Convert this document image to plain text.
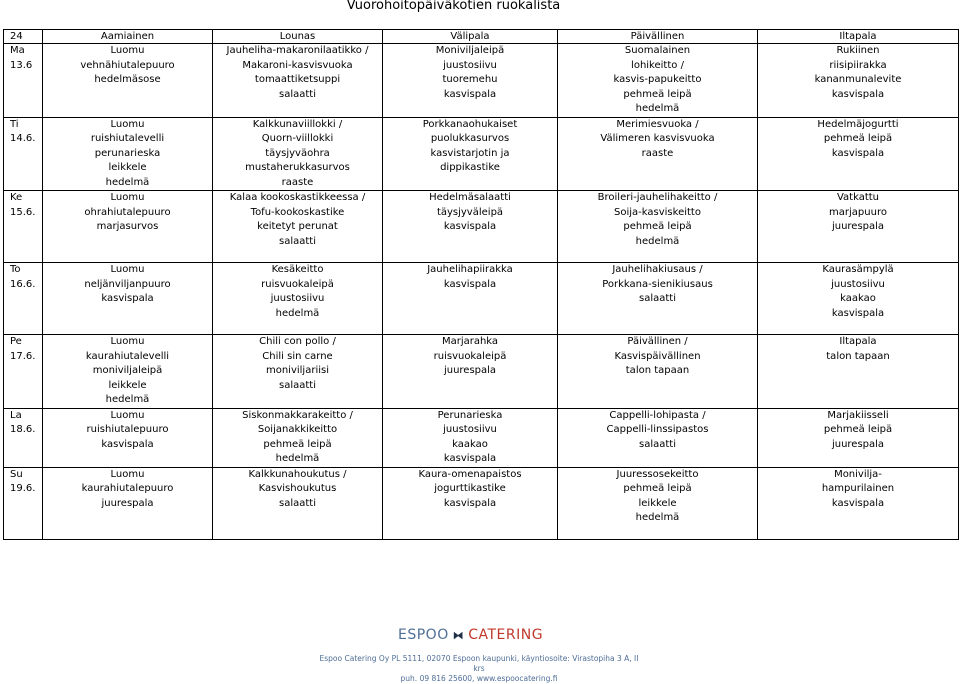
Vuorohoitopäiväkotien ruokalista
24	Aamiainen	Lounas	Välipala	Päivällinen	Iltapala

Ma
13.6	Luomu
vehnähiutalepuuro
hedelmäsose	Jauheliha-makaronilaatikko /
Makaroni-kasvisvuoka
tomaattiketsuppi
salaatti	Moniviljaleipä
juustosiivu
tuoremehu
kasvispala	Suomalainen
lohikeitto /
kasvis-papukeitto
pehmeä leipä
hedelmä	Rukiinen
riisipiirakka
kananmunalevite
kasvispala

Ti
14.6.	Luomu
ruishiutalevelli
perunarieska
leikkele
hedelmä	Kalkkunaviillokki /
Quorn-viillokki
täysjyväohra
mustaherukkasurvos
raaste	Porkkanaohukaiset
puolukkasurvos
kasvistarjotin ja
dippikastike	Merimiesvuoka /
Välimeren kasvisvuoka
raaste	Hedelmäjogurtti
pehmeä leipä
kasvispala

Ke
15.6.	Luomu
ohrahiutalepuuro
marjasurvos	Kalaa kookoskastikkeessa /
Tofu-kookoskastike
keitetyt perunat
salaatti	Hedelmäsalaatti
täysjyväleipä
kasvispala	Broileri-jauhelihakeitto /
Soija-kasviskeitto
pehmeä leipä
hedelmä	Vatkattu
marjapuuro
juurespala

To
16.6.	Luomu
neljänviljanpuuro
kasvispala	Kesäkeitto
ruisvuokaleipä
juustosiivu
hedelmä	Jauhelihapiirakka
kasvispala	Jauhelihakiusaus /
Porkkana-sienikiusaus
salaatti	Kaurasämpylä
juustosiivu
kaakao
kasvispala

Pe
17.6.	Luomu
kaurahiutalevelli
moniviljaleipä
leikkele
hedelmä	Chili con pollo /
Chili sin carne
moniviljariisi
salaatti	Marjarahka
ruisvuokaleipä
juurespala	Päivällinen /
Kasvispäivällinen
talon tapaan	Iltapala
talon tapaan

La
18.6.	Luomu
ruishiutalepuuro
kasvispala	Siskonmakkarakeitto /
Soijanakkikeitto
pehmeä leipä
hedelmä	Perunarieska
juustosiivu
kaakao
kasvispala	Cappelli-lohipasta /
Cappelli-linssipastos
salaatti	Marjakiisseli
pehmeä leipä
juurespala

Su
19.6.	Luomu
kaurahiutalepuuro
juurespala	Kalkkunahoukutus /
Kasvishoukutus
salaatti	Kaura-omenapaistos
jogurttikastike
kasvispala	Juuressosekeitto
pehmeä leipä
leikkele
hedelmä	Monivilja-
hampurilainen
kasvispala
ESPOO ⧓ CATERING
Espoo Catering Oy PL 5111, 02070 Espoon kaupunki, käyntiosoite: Virastopiha 3 A, II krs
puh. 09 816 25600, www.espoocatering.fi
